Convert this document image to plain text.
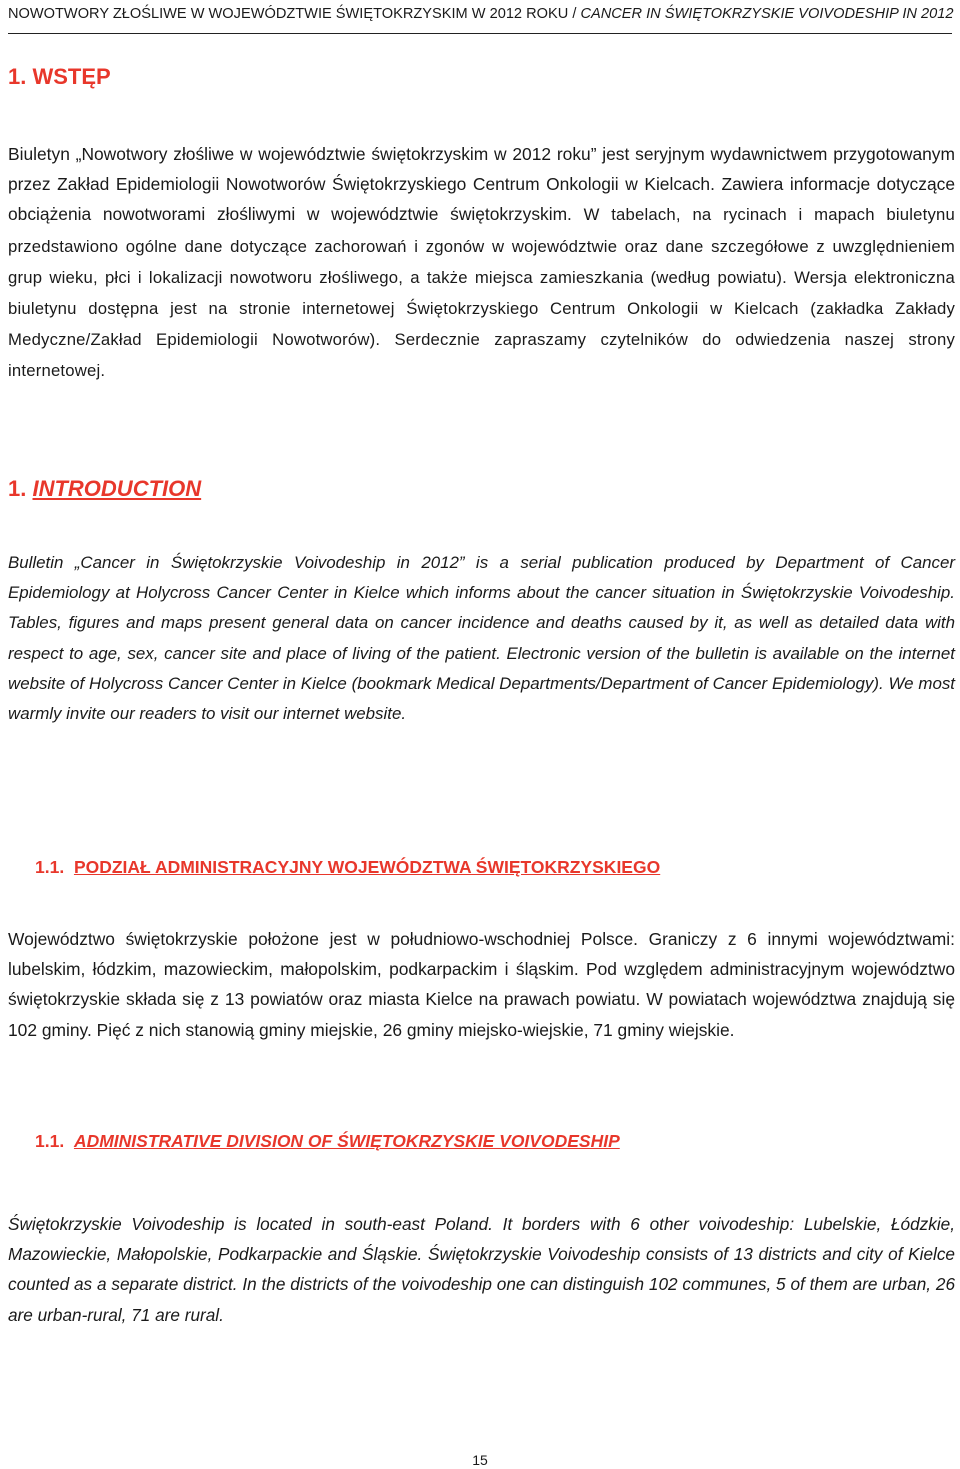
NOWOTWORY ZŁOŚLIWE W WOJEWÓDZTWIE ŚWIĘTOKRZYSKIM W 2012 ROKU / CANCER IN ŚWIĘTOKRZYSKIE VOIVODESHIP IN 2012
1. WSTĘP

Biuletyn „Nowotwory złośliwe w województwie świętokrzyskim w 2012 roku” jest seryjnym wydawnictwem przygotowanym przez Zakład Epidemiologii Nowotworów Świętokrzyskiego Centrum Onkologii w Kielcach. Zawiera informacje dotyczące obciążenia nowotworami złośliwymi w województwie świętokrzyskim. W tabelach, na rycinach i mapach biuletynu przedstawiono ogólne dane dotyczące zachorowań i zgonów w województwie oraz dane szczegółowe z uwzględnieniem grup wieku, płci i lokalizacji nowotworu złośliwego, a także miejsca zamieszkania (według powiatu). Wersja elektroniczna biuletynu dostępna jest na stronie internetowej Świętokrzyskiego Centrum Onkologii w Kielcach (zakładka Zakłady Medyczne/Zakład Epidemiologii Nowotworów). Serdecznie zapraszamy czytelników do odwiedzenia naszej strony internetowej.

1. INTRODUCTION

Bulletin „Cancer in Świętokrzyskie Voivodeship in 2012” is a serial publication produced by Department of Cancer Epidemiology at Holycross Cancer Center in Kielce which informs about the cancer situation in Świętokrzyskie Voivodeship. Tables, figures and maps present general data on cancer incidence and deaths caused by it, as well as detailed data with respect to age, sex, cancer site and place of living of the patient. Electronic version of the bulletin is available on the internet website of Holycross Cancer Center in Kielce (bookmark Medical Departments/Department of Cancer Epidemiology). We most warmly invite our readers to visit our internet website.

1.1. PODZIAŁ ADMINISTRACYJNY WOJEWÓDZTWA ŚWIĘTOKRZYSKIEGO

Województwo świętokrzyskie położone jest w południowo-wschodniej Polsce. Graniczy z 6 innymi województwami: lubelskim, łódzkim, mazowieckim, małopolskim, podkarpackim i śląskim. Pod względem administracyjnym województwo świętokrzyskie składa się z 13 powiatów oraz miasta Kielce na prawach powiatu. W powiatach województwa znajdują się 102 gminy. Pięć z nich stanowią gminy miejskie, 26 gminy miejsko-wiejskie, 71 gminy wiejskie.

1.1. ADMINISTRATIVE DIVISION OF ŚWIĘTOKRZYSKIE VOIVODESHIP

Świętokrzyskie Voivodeship is located in south-east Poland. It borders with 6 other voivodeship: Lubelskie, Łódzkie, Mazowieckie, Małopolskie, Podkarpackie and Śląskie. Świętokrzyskie Voivodeship consists of 13 districts and city of Kielce counted as a separate district. In the districts of the voivodeship one can distinguish 102 communes, 5 of them are urban, 26 are urban-rural, 71 are rural.

15
